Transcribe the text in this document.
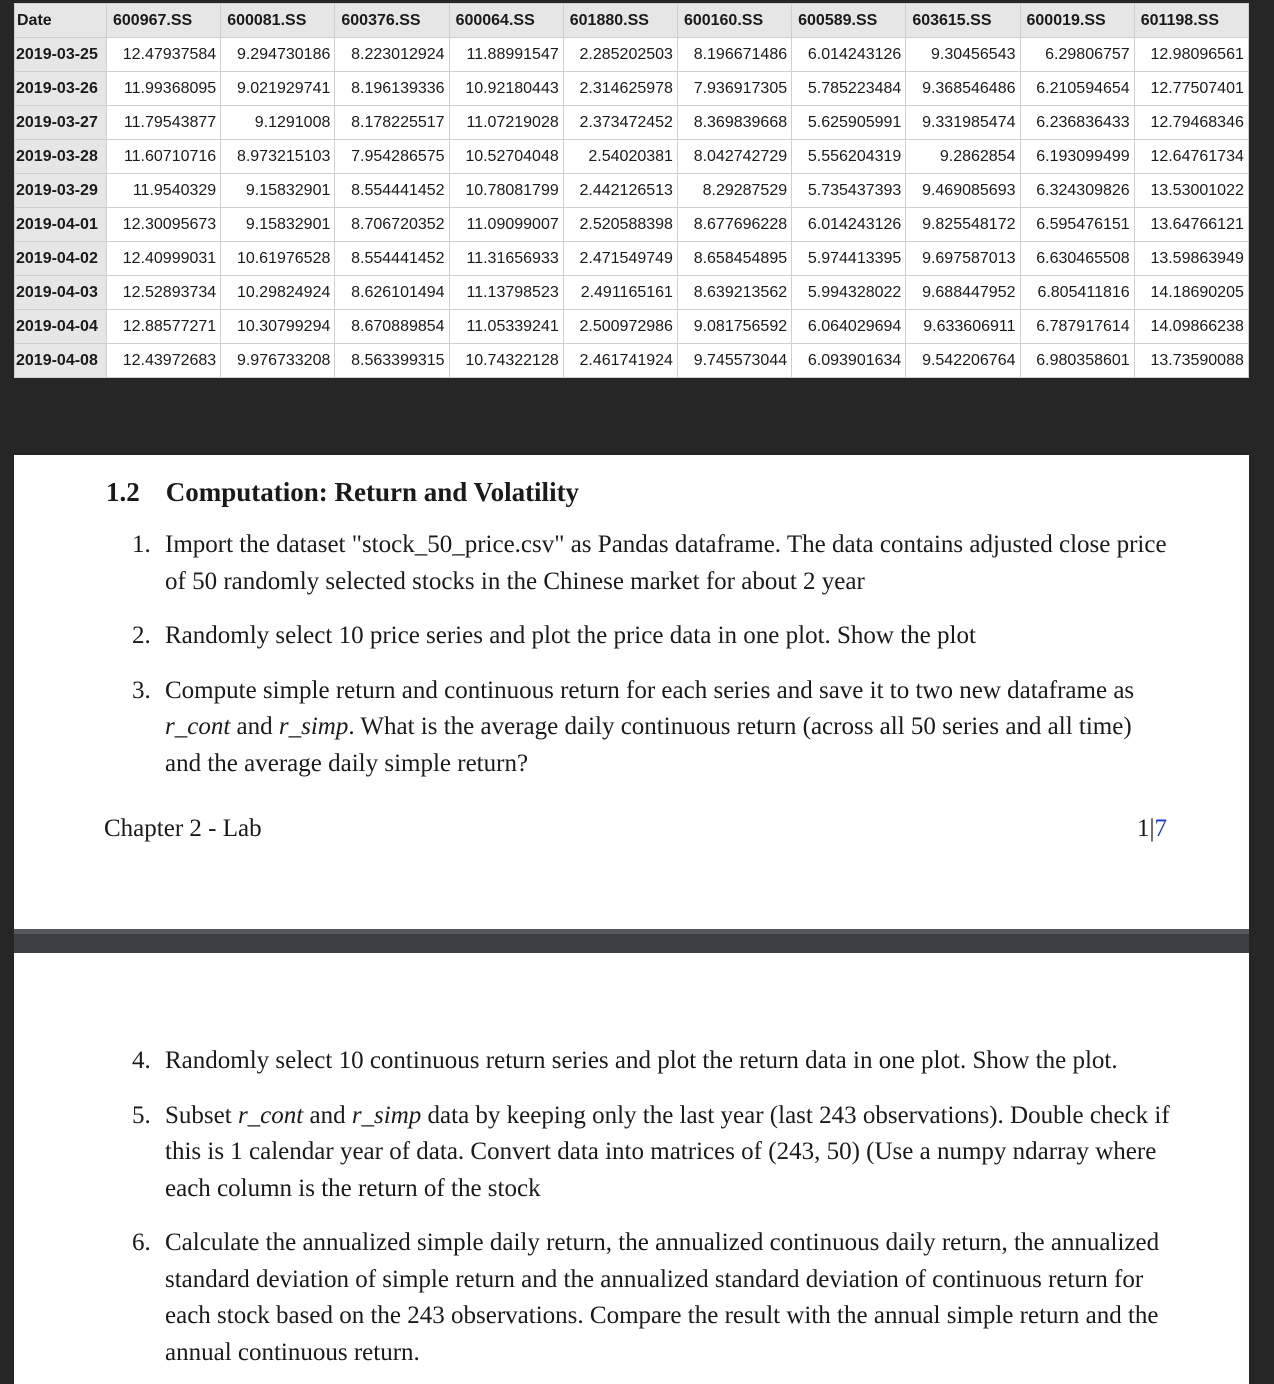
Date	600967.SS	600081.SS	600376.SS	600064.SS	601880.SS	600160.SS	600589.SS	603615.SS	600019.SS	601198.SS
2019-03-25	12.47937584	9.294730186	8.223012924	11.88991547	2.285202503	8.196671486	6.014243126	9.30456543	6.29806757	12.98096561
2019-03-26	11.99368095	9.021929741	8.196139336	10.92180443	2.314625978	7.936917305	5.785223484	9.368546486	6.210594654	12.77507401
2019-03-27	11.79543877	9.1291008	8.178225517	11.07219028	2.373472452	8.369839668	5.625905991	9.331985474	6.236836433	12.79468346
2019-03-28	11.60710716	8.973215103	7.954286575	10.52704048	2.54020381	8.042742729	5.556204319	9.2862854	6.193099499	12.64761734
2019-03-29	11.9540329	9.15832901	8.554441452	10.78081799	2.442126513	8.29287529	5.735437393	9.469085693	6.324309826	13.53001022
2019-04-01	12.30095673	9.15832901	8.706720352	11.09099007	2.520588398	8.677696228	6.014243126	9.825548172	6.595476151	13.64766121
2019-04-02	12.40999031	10.61976528	8.554441452	11.31656933	2.471549749	8.658454895	5.974413395	9.697587013	6.630465508	13.59863949
2019-04-03	12.52893734	10.29824924	8.626101494	11.13798523	2.491165161	8.639213562	5.994328022	9.688447952	6.805411816	14.18690205
2019-04-04	12.88577271	10.30799294	8.670889854	11.05339241	2.500972986	9.081756592	6.064029694	9.633606911	6.787917614	14.09866238
2019-04-08	12.43972683	9.976733208	8.563399315	10.74322128	2.461741924	9.745573044	6.093901634	9.542206764	6.980358601	13.73590088
1.2 Computation: Return and Volatility
1. Import the dataset "stock_50_price.csv" as Pandas dataframe. The data contains adjusted close price of 50 randomly selected stocks in the Chinese market for about 2 year
2. Randomly select 10 price series and plot the price data in one plot. Show the plot
3. Compute simple return and continuous return for each series and save it to two new dataframe as r_cont and r_simp. What is the average daily continuous return (across all 50 series and all time) and the average daily simple return?
Chapter 2 - Lab	1|7
4. Randomly select 10 continuous return series and plot the return data in one plot. Show the plot.
5. Subset r_cont and r_simp data by keeping only the last year (last 243 observations). Double check if this is 1 calendar year of data. Convert data into matrices of (243, 50) (Use a numpy ndarray where each column is the return of the stock
6. Calculate the annualized simple daily return, the annualized continuous daily return, the annualized standard deviation of simple return and the annualized standard deviation of continuous return for each stock based on the 243 observations. Compare the result with the annual simple return and the annual continuous return.
